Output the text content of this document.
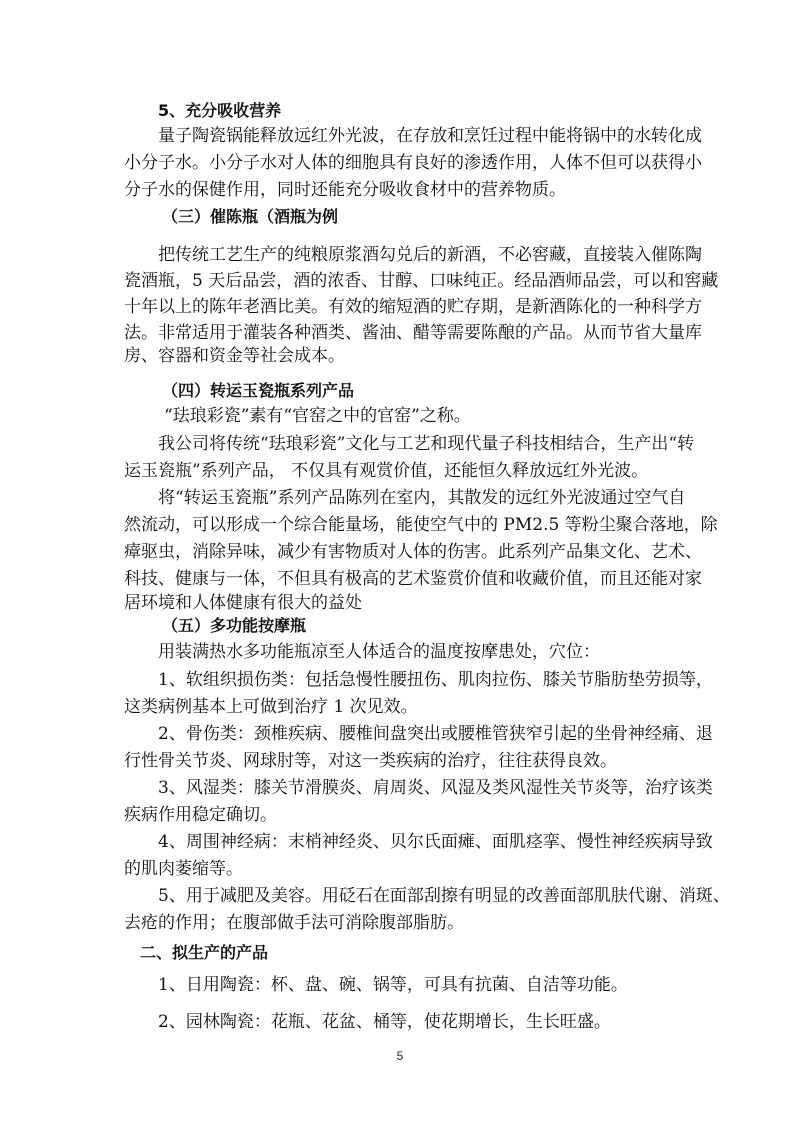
5、充分吸收营养
量子陶瓷锅能释放远红外光波，在存放和烹饪过程中能将锅中的水转化成
小分子水。小分子水对人体的细胞具有良好的渗透作用，人体不但可以获得小
分子水的保健作用，同时还能充分吸收食材中的营养物质。
（三）催陈瓶（酒瓶为例
把传统工艺生产的纯粮原浆酒勾兑后的新酒，不必窖藏，直接装入催陈陶
瓷酒瓶，5 天后品尝，酒的浓香、甘醇、口味纯正。经品酒师品尝，可以和窖藏
十年以上的陈年老酒比美。有效的缩短酒的贮存期，是新酒陈化的一种科学方
法。非常适用于灌装各种酒类、酱油、醋等需要陈酿的产品。从而节省大量库
房、容器和资金等社会成本。
（四）转运玉瓷瓶系列产品
“珐琅彩瓷”素有“官窑之中的官窑”之称。
我公司将传统“珐琅彩瓷”文化与工艺和现代量子科技相结合，生产出“转
运玉瓷瓶”系列产品， 不仅具有观赏价值，还能恒久释放远红外光波。
将“转运玉瓷瓶”系列产品陈列在室内，其散发的远红外光波通过空气自
然流动，可以形成一个综合能量场，能使空气中的 PM2.5 等粉尘聚合落地，除
瘴驱虫，消除异味，减少有害物质对人体的伤害。此系列产品集文化、艺术、
科技、健康与一体，不但具有极高的艺术鉴赏价值和收藏价值，而且还能对家
居环境和人体健康有很大的益处
（五）多功能按摩瓶
用装满热水多功能瓶凉至人体适合的温度按摩患处，穴位：
1、软组织损伤类：包括急慢性腰扭伤、肌肉拉伤、膝关节脂肪垫劳损等，
这类病例基本上可做到治疗 1 次见效。
2、骨伤类：颈椎疾病、腰椎间盘突出或腰椎管狭窄引起的坐骨神经痛、退
行性骨关节炎、网球肘等，对这一类疾病的治疗，往往获得良效。
3、风湿类：膝关节滑膜炎、肩周炎、风湿及类风湿性关节炎等，治疗该类
疾病作用稳定确切。
4、周围神经病：末梢神经炎、贝尔氏面瘫、面肌痉挛、慢性神经疾病导致
的肌肉萎缩等。
5、用于减肥及美容。用砭石在面部刮擦有明显的改善面部肌肤代谢、消斑、
去疮的作用；在腹部做手法可消除腹部脂肪。
二、拟生产的产品
1、日用陶瓷：杯、盘、碗、锅等，可具有抗菌、自洁等功能。
2、园林陶瓷：花瓶、花盆、桶等，使花期增长，生长旺盛。
5
